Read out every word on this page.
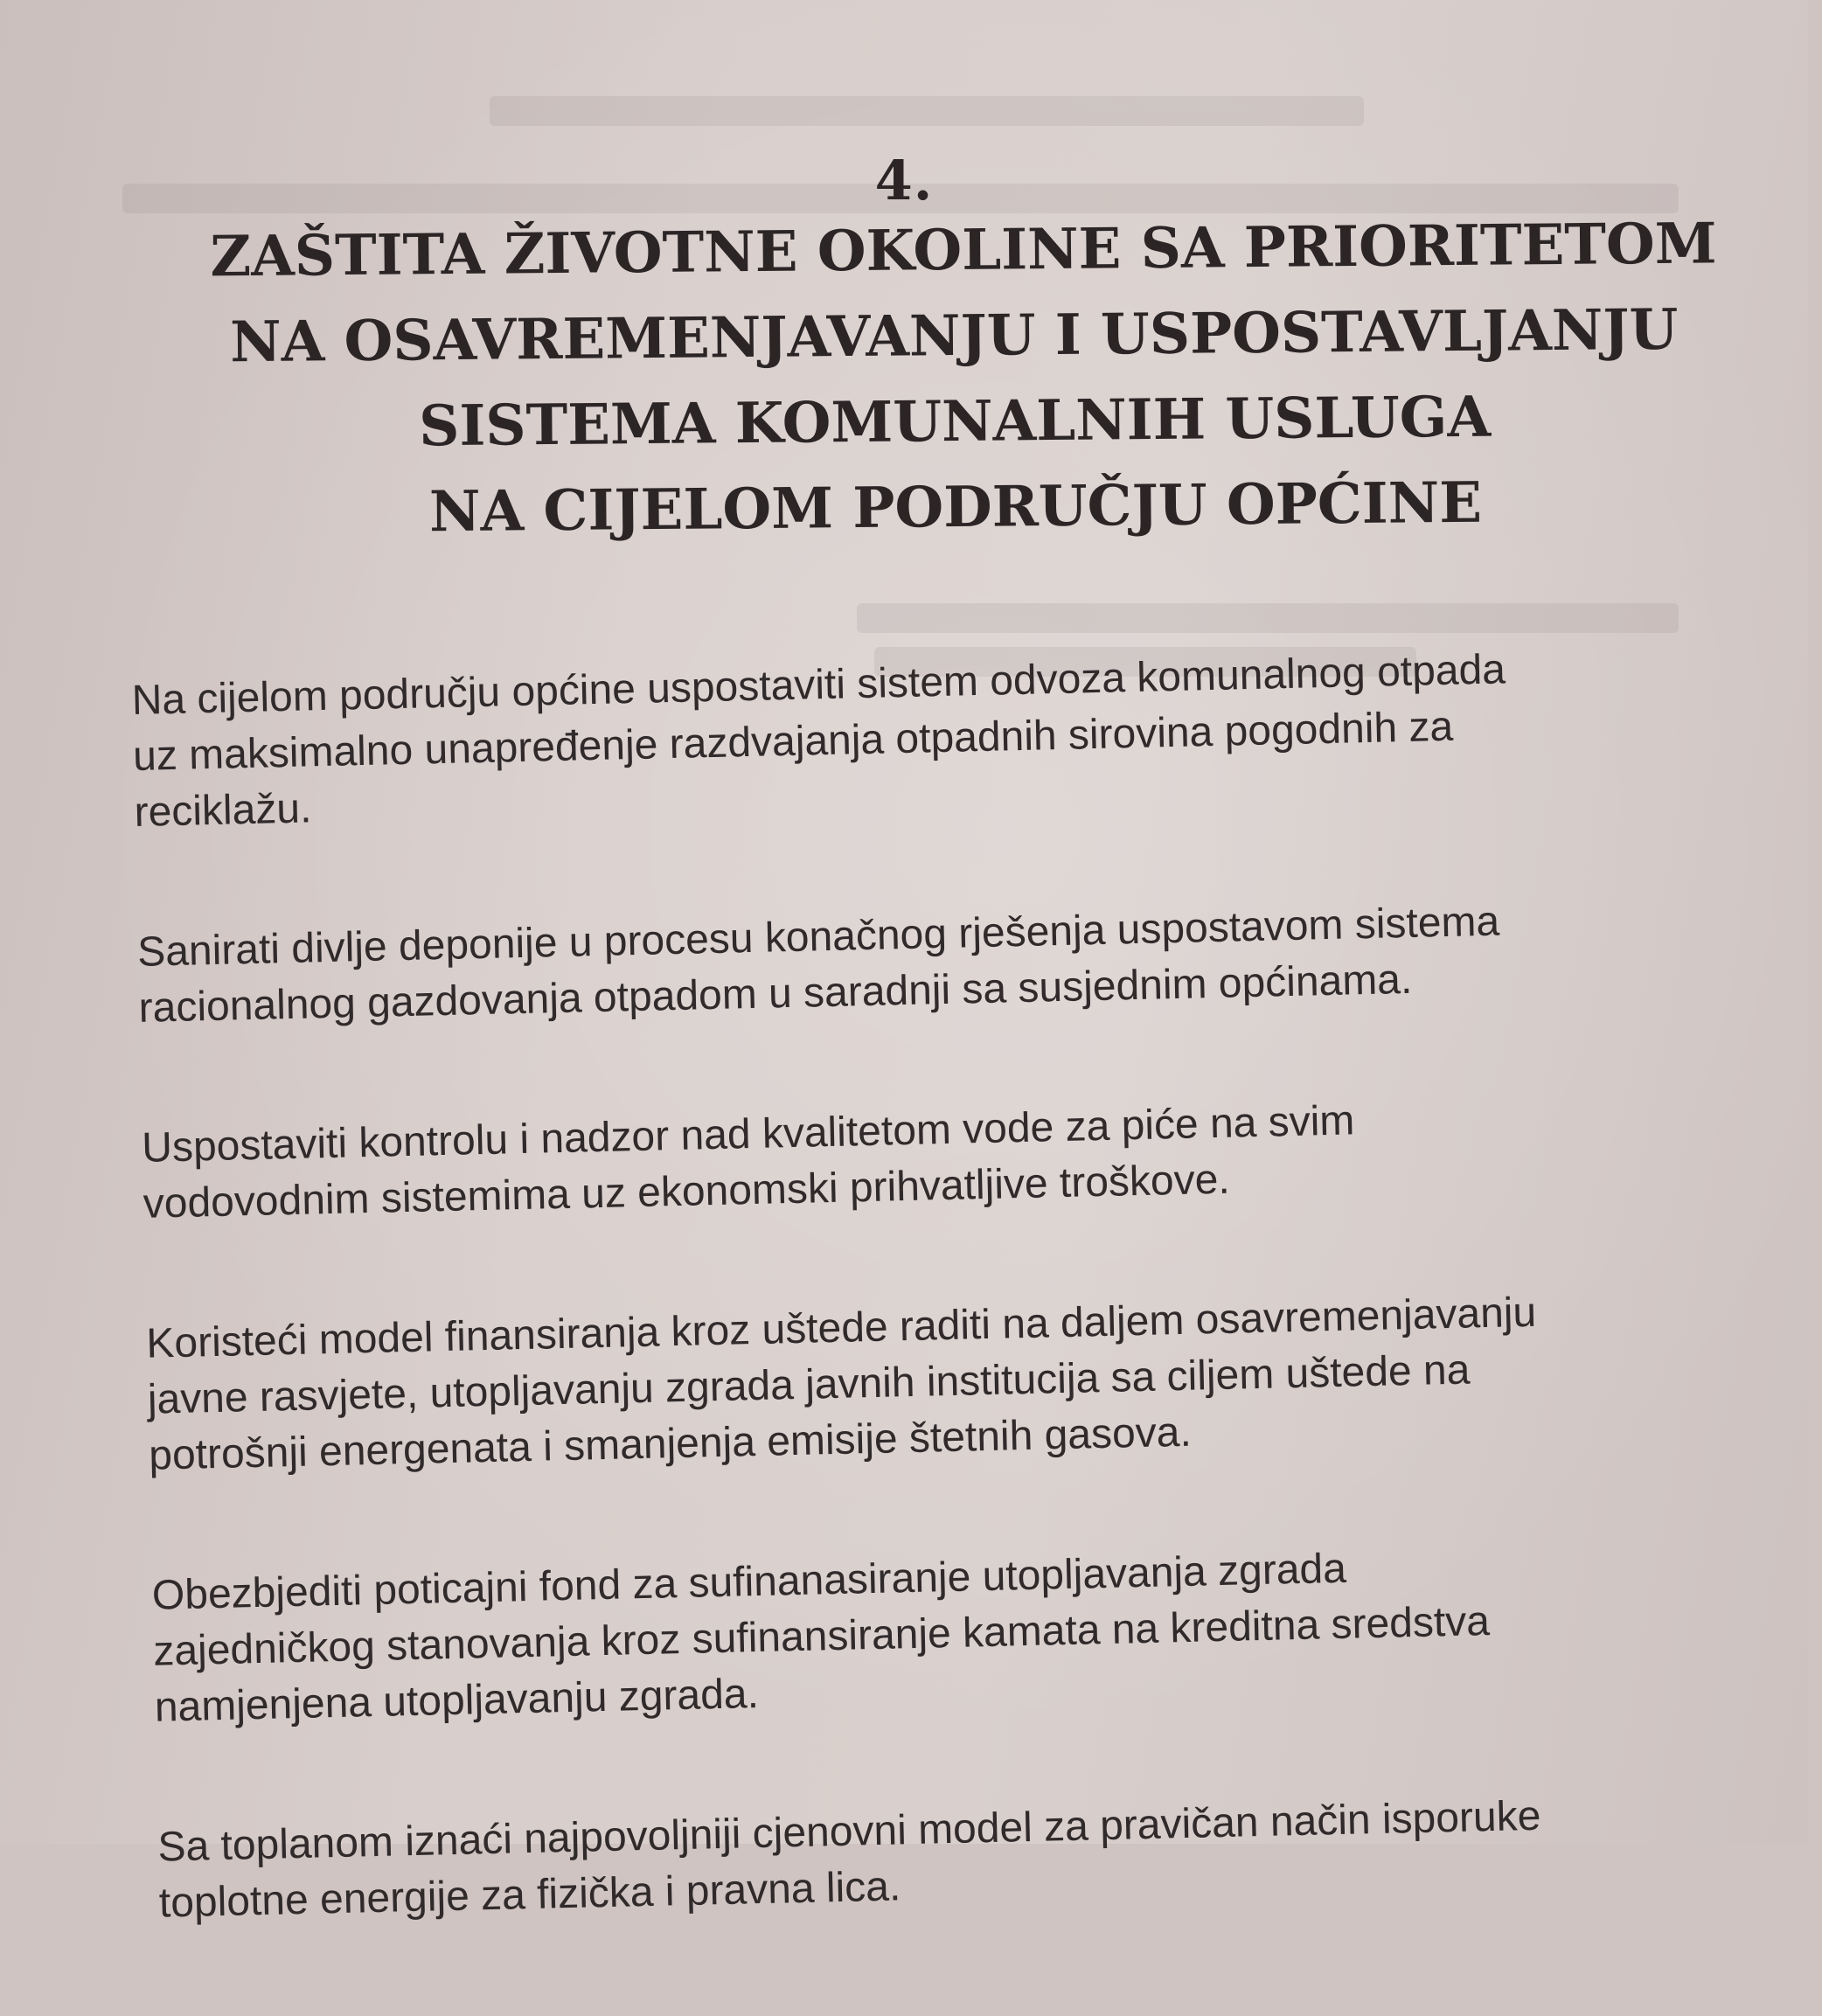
4.
ZAŠTITA ŽIVOTNE OKOLINE SA PRIORITETOM
NA OSAVREMENJAVANJU I USPOSTAVLJANJU
SISTEMA KOMUNALNIH USLUGA
NA CIJELOM PODRUČJU OPĆINE

Na cijelom području općine uspostaviti sistem odvoza komunalnog otpada
uz maksimalno unapređenje razdvajanja otpadnih sirovina pogodnih za
reciklažu.

Sanirati divlje deponije u procesu konačnog rješenja uspostavom sistema
racionalnog gazdovanja otpadom u saradnji sa susjednim općinama.

Uspostaviti kontrolu i nadzor nad kvalitetom vode za piće na svim
vodovodnim sistemima uz ekonomski prihvatljive troškove.

Koristeći model finansiranja kroz uštede raditi na daljem osavremenjavanju
javne rasvjete, utopljavanju zgrada javnih institucija sa ciljem uštede na
potrošnji energenata i smanjenja emisije štetnih gasova.

Obezbjediti poticajni fond za sufinanasiranje utopljavanja zgrada
zajedničkog stanovanja kroz sufinansiranje kamata na kreditna sredstva
namjenjena utopljavanju zgrada.

Sa toplanom iznaći najpovoljniji cjenovni model za pravičan način isporuke
toplotne energije za fizička i pravna lica.
